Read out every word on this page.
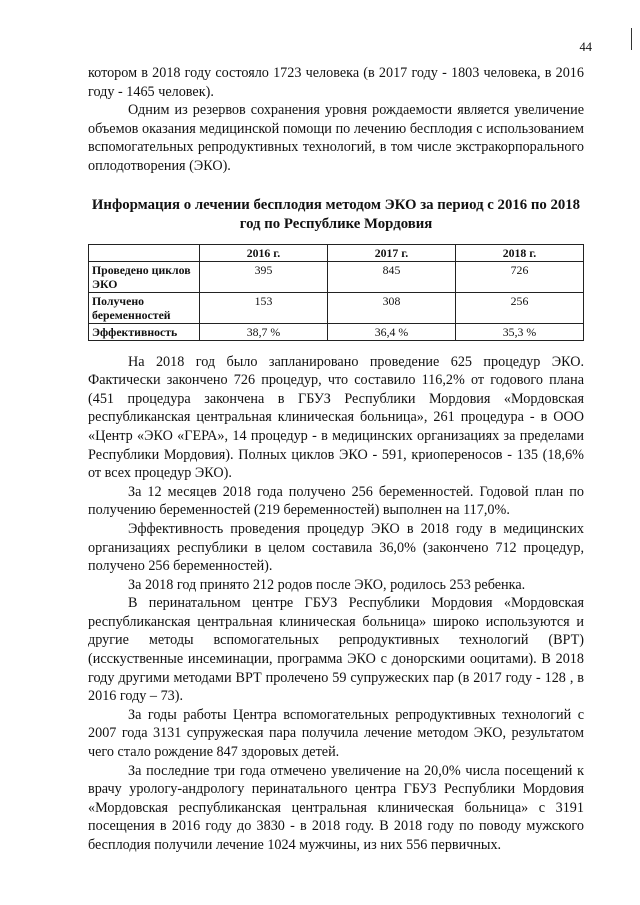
44

котором в 2018 году состояло 1723 человека (в 2017 году - 1803 человека, в 2016 году - 1465 человек).

Одним из резервов сохранения уровня рождаемости является увеличение объемов оказания медицинской помощи по лечению бесплодия с использованием вспомогательных репродуктивных технологий, в том числе экстракорпорального оплодотворения (ЭКО).

Информация о лечении бесплодия методом ЭКО за период с 2016 по 2018 год по Республике Мордовия

	2016 г.	2017 г.	2018 г.
Проведено циклов ЭКО	395	845	726
Получено беременностей	153	308	256
Эффективность	38,7 %	36,4 %	35,3 %

На 2018 год было запланировано проведение 625 процедур ЭКО. Фактически закончено 726 процедур, что составило 116,2% от годового плана (451 процедура закончена в ГБУЗ Республики Мордовия «Мордовская республиканская центральная клиническая больница», 261 процедура - в ООО «Центр «ЭКО «ГЕРА», 14 процедур - в медицинских организациях за пределами Республики Мордовия). Полных циклов ЭКО - 591, криопереносов - 135 (18,6% от всех процедур ЭКО).

За 12 месяцев 2018 года получено 256 беременностей. Годовой план по получению беременностей (219 беременностей) выполнен на 117,0%.

Эффективность проведения процедур ЭКО в 2018 году в медицинских организациях республики в целом составила 36,0% (закончено 712 процедур, получено 256 беременностей).

За 2018 год принято 212 родов после ЭКО, родилось 253 ребенка.

В перинатальном центре ГБУЗ Республики Мордовия «Мордовская республиканская центральная клиническая больница» широко используются и другие методы вспомогательных репродуктивных технологий (ВРТ) (исскуственные инсеминации, программа ЭКО с донорскими ооцитами). В 2018 году другими методами ВРТ пролечено 59 супружеских пар (в 2017 году - 128 , в 2016 году – 73).

За годы работы Центра вспомогательных репродуктивных технологий с 2007 года 3131 супружеская пара получила лечение методом ЭКО, результатом чего стало рождение 847 здоровых детей.

За последние три года отмечено увеличение на 20,0% числа посещений к врачу урологу-андрологу перинатального центра ГБУЗ Республики Мордовия «Мордовская республиканская центральная клиническая больница» с 3191 посещения в 2016 году до 3830 - в 2018 году. В 2018 году по поводу мужского бесплодия получили лечение 1024 мужчины, из них 556 первичных.
